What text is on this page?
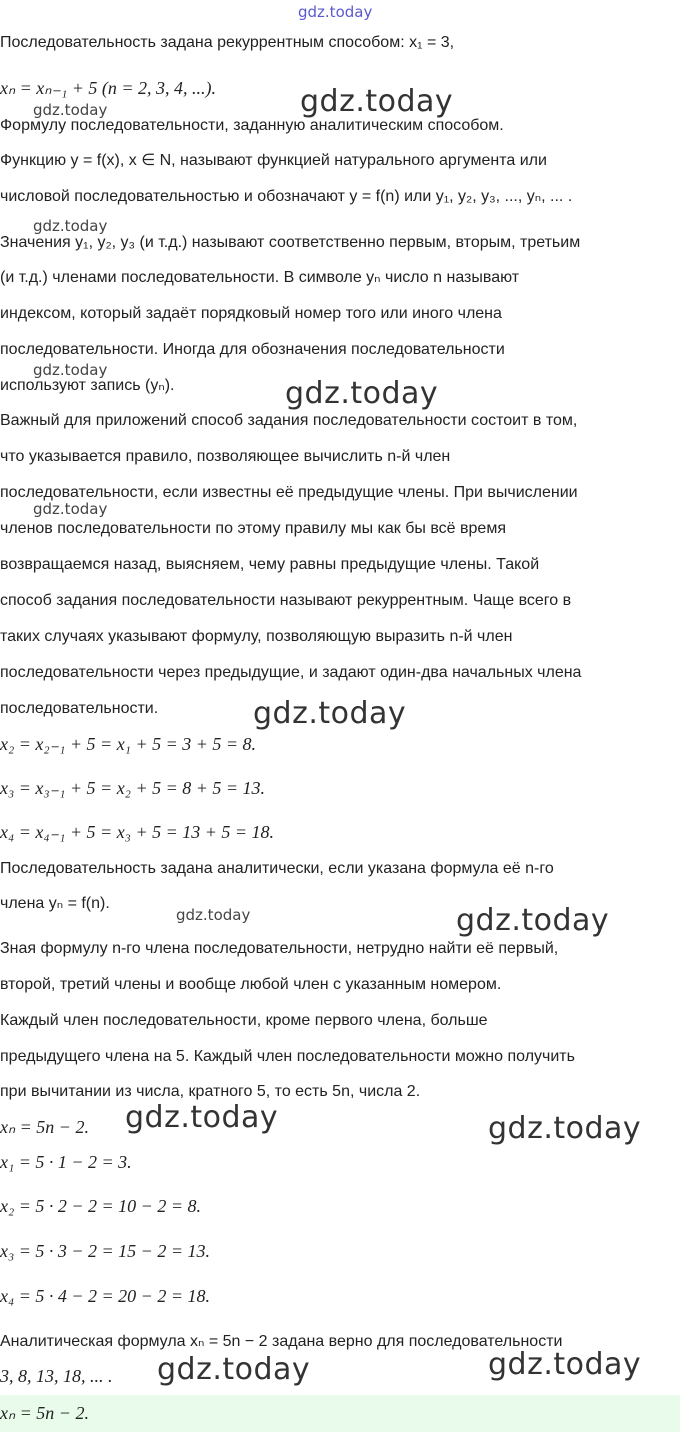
gdz.today

Последовательность задана рекуррентным способом: x₁ = 3,

xₙ = xₙ₋₁ + 5 (n = 2, 3, 4, ...).

Формулу последовательности, заданную аналитическим способом.

Функцию y = f(x), x ∈ N, называют функцией натурального аргумента или

числовой последовательностью и обозначают y = f(n) или y₁, y₂, y₃, ..., yₙ, ... .

Значения y₁, y₂, y₃ (и т.д.) называют соответственно первым, вторым, третьим

(и т.д.) членами последовательности. В символе yₙ число n называют

индексом, который задаёт порядковый номер того или иного члена

последовательности. Иногда для обозначения последовательности

используют запись (yₙ).

Важный для приложений способ задания последовательности состоит в том,

что указывается правило, позволяющее вычислить n-й член

последовательности, если известны её предыдущие члены. При вычислении

членов последовательности по этому правилу мы как бы всё время

возвращаемся назад, выясняем, чему равны предыдущие члены. Такой

способ задания последовательности называют рекуррентным. Чаще всего в

таких случаях указывают формулу, позволяющую выразить n-й член

последовательности через предыдущие, и задают один-два начальных члена

последовательности.

x₂ = x₂₋₁ + 5 = x₁ + 5 = 3 + 5 = 8.

x₃ = x₃₋₁ + 5 = x₂ + 5 = 8 + 5 = 13.

x₄ = x₄₋₁ + 5 = x₃ + 5 = 13 + 5 = 18.

Последовательность задана аналитически, если указана формула её n-го

члена yₙ = f(n).

Зная формулу n-го члена последовательности, нетрудно найти её первый,

второй, третий члены и вообще любой член с указанным номером.

Каждый член последовательности, кроме первого члена, больше

предыдущего члена на 5. Каждый член последовательности можно получить

при вычитании из числа, кратного 5, то есть 5n, числа 2.

xₙ = 5n − 2.

x₁ = 5 · 1 − 2 = 3.

x₂ = 5 · 2 − 2 = 10 − 2 = 8.

x₃ = 5 · 3 − 2 = 15 − 2 = 13.

x₄ = 5 · 4 − 2 = 20 − 2 = 18.

Аналитическая формула xₙ = 5n − 2 задана верно для последовательности

3, 8, 13, 18, ... .

xₙ = 5n − 2.

gdz.today	gdz.today
gdz.today
gdz.today
gdz.today
gdz.today
gdz.today
gdz.today	gdz.today
gdz.today	gdz.today
gdz.today	gdz.today
